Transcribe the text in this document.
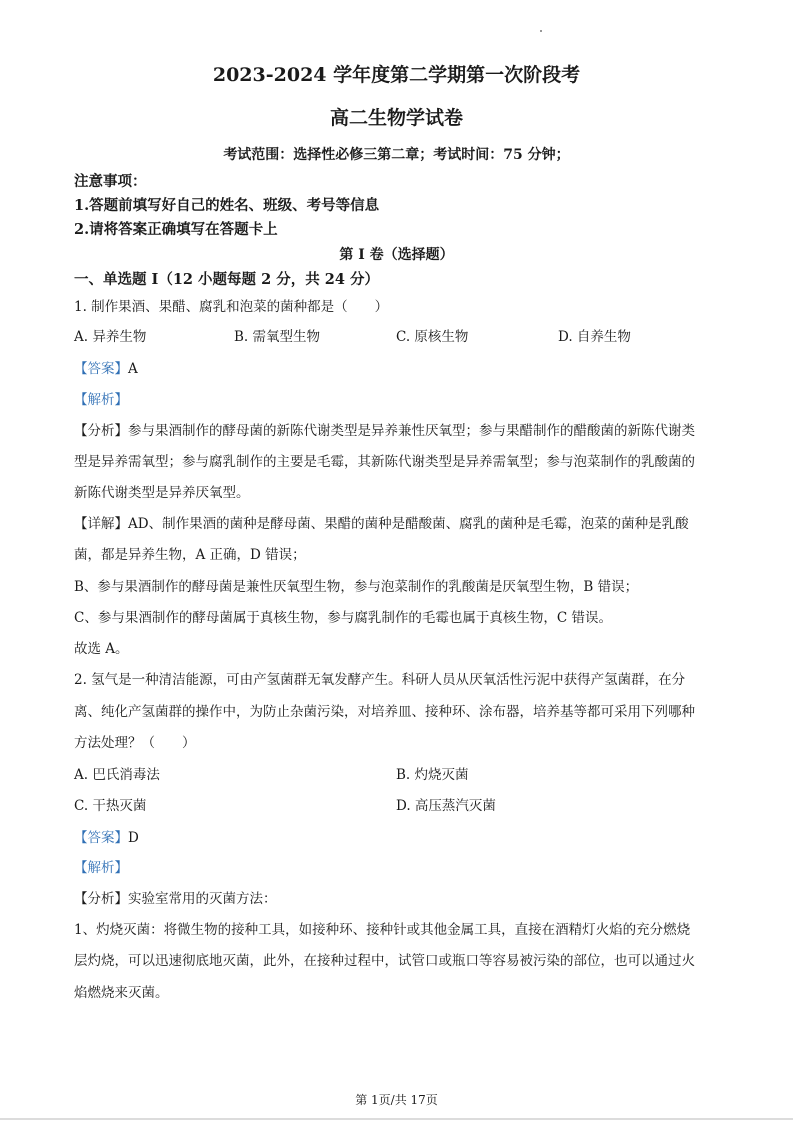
2023-2024 学年度第二学期第一次阶段考
高二生物学试卷
考试范围：选择性必修三第二章；考试时间：75 分钟；
注意事项：
1.答题前填写好自己的姓名、班级、考号等信息
2.请将答案正确填写在答题卡上
第 I 卷（选择题）
一、单选题 I（12 小题每题 2 分，共 24 分）
1. 制作果酒、果醋、腐乳和泡菜的菌种都是（　　）
A. 异养生物	B. 需氧型生物	C. 原核生物	D. 自养生物
【答案】A
【解析】
【分析】参与果酒制作的酵母菌的新陈代谢类型是异养兼性厌氧型；参与果醋制作的醋酸菌的新陈代谢类
型是异养需氧型；参与腐乳制作的主要是毛霉，其新陈代谢类型是异养需氧型；参与泡菜制作的乳酸菌的
新陈代谢类型是异养厌氧型。
【详解】AD、制作果酒的菌种是酵母菌、果醋的菌种是醋酸菌、腐乳的菌种是毛霉，泡菜的菌种是乳酸
菌，都是异养生物，A 正确，D 错误；
B、参与果酒制作的酵母菌是兼性厌氧型生物，参与泡菜制作的乳酸菌是厌氧型生物，B 错误；
C、参与果酒制作的酵母菌属于真核生物，参与腐乳制作的毛霉也属于真核生物，C 错误。
故选 A。
2. 氢气是一种清洁能源，可由产氢菌群无氧发酵产生。科研人员从厌氧活性污泥中获得产氢菌群，在分
离、纯化产氢菌群的操作中，为防止杂菌污染，对培养皿、接种环、涂布器，培养基等都可采用下列哪种
方法处理？（　　）
A. 巴氏消毒法	B. 灼烧灭菌
C. 干热灭菌	D. 高压蒸汽灭菌
【答案】D
【解析】
【分析】实验室常用的灭菌方法：
1、灼烧灭菌：将微生物的接种工具，如接种环、接种针或其他金属工具，直接在酒精灯火焰的充分燃烧
层灼烧，可以迅速彻底地灭菌，此外，在接种过程中，试管口或瓶口等容易被污染的部位，也可以通过火
焰燃烧来灭菌。
第 1页/共 17页
